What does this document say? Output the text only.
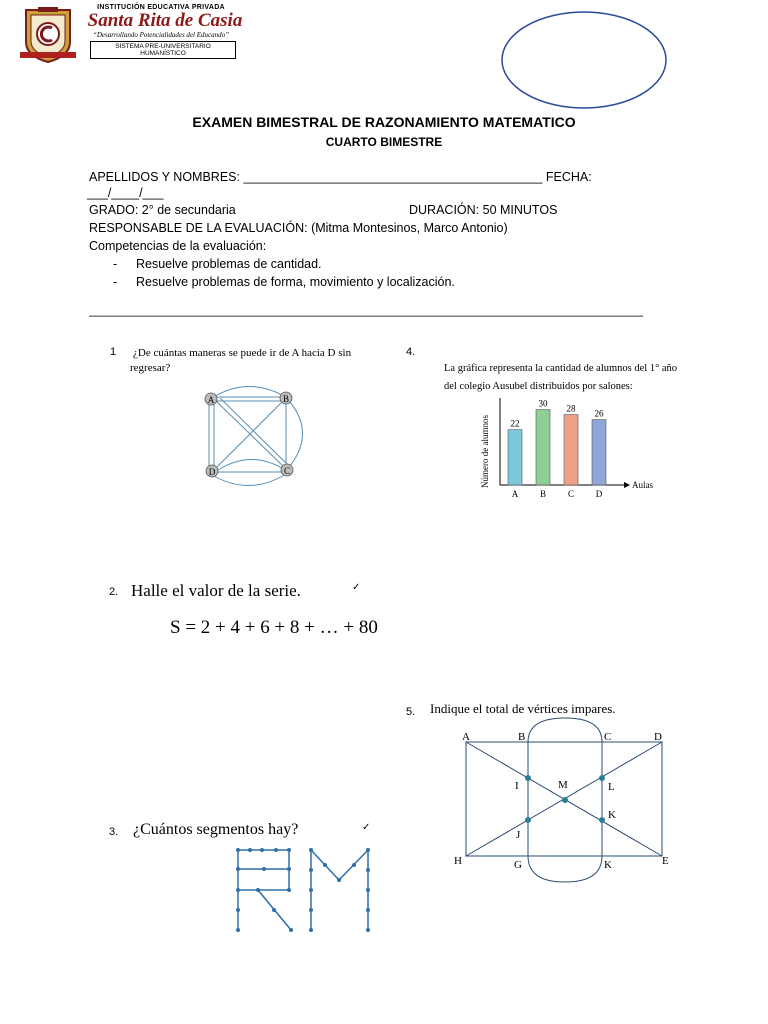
INSTITUCIÓN EDUCATIVA PRIVADA
Santa Rita de Casia
“Desarrollando Potencialidades del Educando”
SISTEMA PRE-UNIVERSITARIO HUMANÍSTICO
EXAMEN BIMESTRAL DE RAZONAMIENTO MATEMATICO
CUARTO BIMESTRE
APELLIDOS Y NOMBRES: ___________________________________________ FECHA:
___/____/___
GRADO: 2° de secundaria	DURACIÓN: 50 MINUTOS
RESPONSABLE DE LA EVALUACIÓN: (Mitma Montesinos, Marco Antonio)
Competencias de la evaluación:
- Resuelve problemas de cantidad.
- Resuelve problemas de forma, movimiento y localización.
___________________________________________________________________________________
1 ¿De cuántas maneras se puede ir de A hacia D sin
regresar?
A	B
D	C
2. Halle el valor de la serie.	✓
S = 2 + 4 + 6 + 8 + … + 80
3. ¿Cuántos segmentos hay?	✓
4.
La gráfica representa la cantidad de alumnos del 1° año
del colegio Ausubel distribuidos por salones:
Número de alumnos	Aulas
22
A
30
B
28
C
26
D
5. Indique el total de vértices impares.
A	B	C	D
I	M	L
K
J
H	G	K	E
